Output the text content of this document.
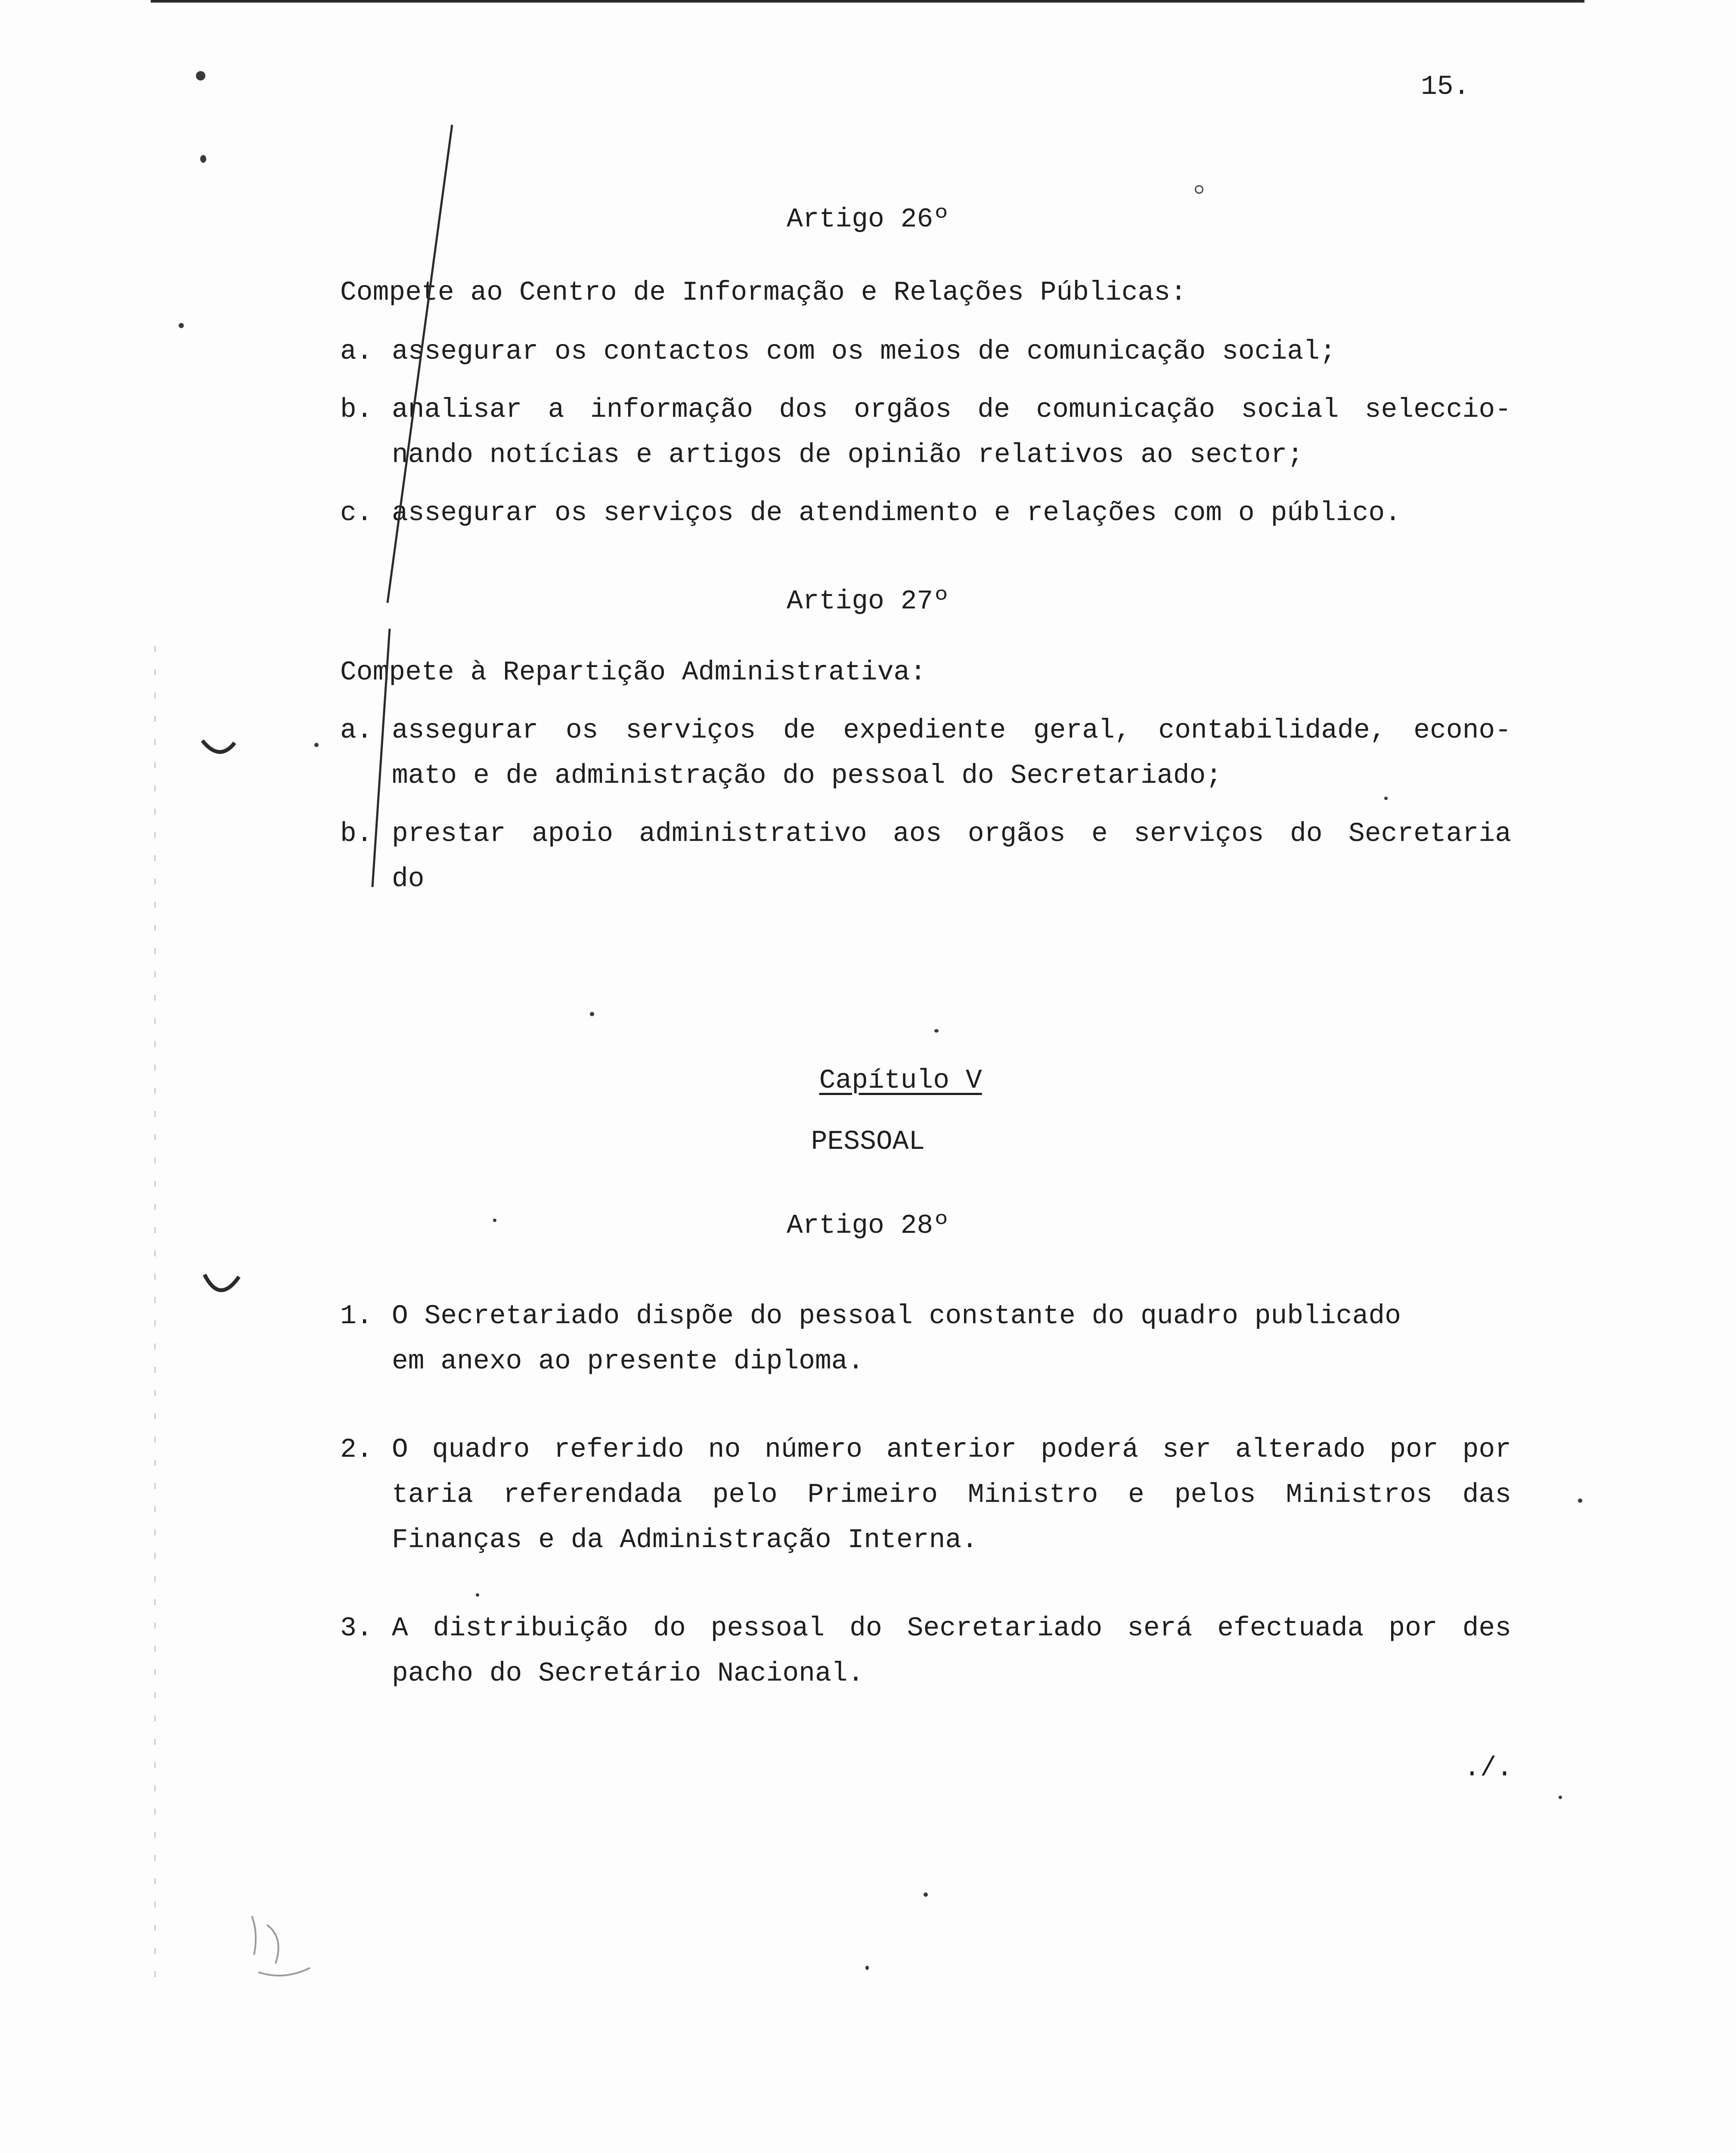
15.
Artigo 26º
Compete ao Centro de Informação e Relações Públicas:
a. assegurar os contactos com os meios de comunicação social;
b. analisar a informação dos orgãos de comunicação social seleccio-
nando notícias e artigos de opinião relativos ao sector;
c. assegurar os serviços de atendimento e relações com o público.
Artigo 27º
Compete à Repartição Administrativa:
a. assegurar os serviços de expediente geral, contabilidade, econo-
mato e de administração do pessoal do Secretariado;
b. prestar apoio administrativo aos orgãos e serviços do Secretaria
do

Capítulo V

PESSOAL
Artigo 28º
1. O Secretariado dispõe do pessoal constante do quadro publicado
em anexo ao presente diploma.
2. O quadro referido no número anterior poderá ser alterado por por
taria referendada pelo Primeiro Ministro e pelos Ministros das
Finanças e da Administração Interna.
3. A distribuição do pessoal do Secretariado será efectuada por des
pacho do Secretário Nacional.
./.
